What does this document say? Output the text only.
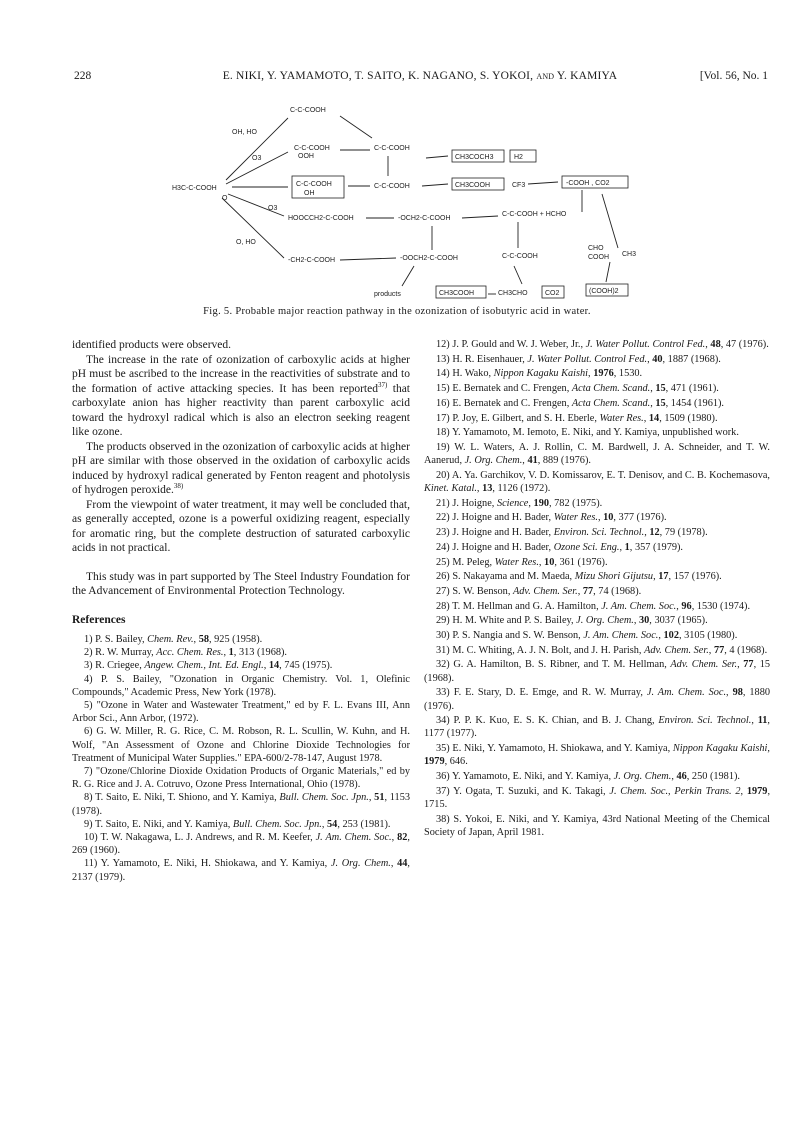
228	E. NIKI, Y. YAMAMOTO, T. SAITO, K. NAGANO, S. YOKOI, and Y. KAMIYA	[Vol. 56, No. 1
C-C-COOH
H3C-C-COOH
O
OH, HO
O3
O3
O, HO
C-C-COOH
OOH
C-C-COOH
OH
C-C-COOH
C-C-COOH
CH3COCH3	H2
CH3COOH	CF3	-COOH , CO2
HOOCCH2-C-COOH	-OCH2-C-COOH
C-C-COOH + HCHO
-CH2-C-COOH	-OOCH2-C-COOH	C-C-COOH
CHO
COOH CH3
products	CH3COOH	CH3CHO CO2	(COOH)2
Fig. 5. Probable major reaction pathway in the ozonization of isobutyric acid in water.

identified products were observed.

The increase in the rate of ozonization of carboxylic acids at higher pH must be ascribed to the increase in the reactivities of substrate and to the formation of active attacking species. It has been reported$^{37)}$ that carboxylate anion has higher reactivity than parent carboxylic acid toward the hydroxyl radical which is also an electron seeking reagent like ozone.

The products observed in the ozonization of carboxylic acids at higher pH are similar with those observed in the oxidation of carboxylic acids induced by hydroxyl radical generated by Fenton reagent and photolysis of hydrogen peroxide.$^{38)}$

From the viewpoint of water treatment, it may well be concluded that, as generally accepted, ozone is a powerful oxidizing reagent, especially for aromatic ring, but the complete destruction of saturated carboxylic acids in not practical.

This study was in part supported by The Steel Industry Foundation for the Advancement of Environmental Protection Technology.

References

1) P. S. Bailey, Chem. Rev., 58, 925 (1958).

2) R. W. Murray, Acc. Chem. Res., 1, 313 (1968).

3) R. Criegee, Angew. Chem., Int. Ed. Engl., 14, 745 (1975).

4) P. S. Bailey, "Ozonation in Organic Chemistry. Vol. 1, Olefinic Compounds," Academic Press, New York (1978).

5) "Ozone in Water and Wastewater Treatment," ed by F. L. Evans III, Ann Arbor Sci., Ann Arbor, (1972).

6) G. W. Miller, R. G. Rice, C. M. Robson, R. L. Scullin, W. Kuhn, and H. Wolf, "An Assessment of Ozone and Chlorine Dioxide Technologies for Treatment of Municipal Water Supplies." EPA-600/2-78-147, August 1978.

7) "Ozone/Chlorine Dioxide Oxidation Products of Organic Materials," ed by R. G. Rice and J. A. Cotruvo, Ozone Press International, Ohio (1978).

8) T. Saito, E. Niki, T. Shiono, and Y. Kamiya, Bull. Chem. Soc. Jpn., 51, 1153 (1978).

9) T. Saito, E. Niki, and Y. Kamiya, Bull. Chem. Soc. Jpn., 54, 253 (1981).

10) T. W. Nakagawa, L. J. Andrews, and R. M. Keefer, J. Am. Chem. Soc., 82, 269 (1960).

11) Y. Yamamoto, E. Niki, H. Shiokawa, and Y. Kamiya, J. Org. Chem., 44, 2137 (1979).

12) J. P. Gould and W. J. Weber, Jr., J. Water Pollut. Control Fed., 48, 47 (1976).

13) H. R. Eisenhauer, J. Water Pollut. Control Fed., 40, 1887 (1968).

14) H. Wako, Nippon Kagaku Kaishi, 1976, 1530.

15) E. Bernatek and C. Frengen, Acta Chem. Scand., 15, 471 (1961).

16) E. Bernatek and C. Frengen, Acta Chem. Scand., 15, 1454 (1961).

17) P. Joy, E. Gilbert, and S. H. Eberle, Water Res., 14, 1509 (1980).

18) Y. Yamamoto, M. Iemoto, E. Niki, and Y. Kamiya, unpublished work.

19) W. L. Waters, A. J. Rollin, C. M. Bardwell, J. A. Schneider, and T. W. Aanerud, J. Org. Chem., 41, 889 (1976).

20) A. Ya. Garchikov, V. D. Komissarov, E. T. Denisov, and C. B. Kochemasova, Kinet. Katal., 13, 1126 (1972).

21) J. Hoigne, Science, 190, 782 (1975).

22) J. Hoigne and H. Bader, Water Res., 10, 377 (1976).

23) J. Hoigne and H. Bader, Environ. Sci. Technol., 12, 79 (1978).

24) J. Hoigne and H. Bader, Ozone Sci. Eng., 1, 357 (1979).

25) M. Peleg, Water Res., 10, 361 (1976).

26) S. Nakayama and M. Maeda, Mizu Shori Gijutsu, 17, 157 (1976).

27) S. W. Benson, Adv. Chem. Ser., 77, 74 (1968).

28) T. M. Hellman and G. A. Hamilton, J. Am. Chem. Soc., 96, 1530 (1974).

29) H. M. White and P. S. Bailey, J. Org. Chem., 30, 3037 (1965).

30) P. S. Nangia and S. W. Benson, J. Am. Chem. Soc., 102, 3105 (1980).

31) M. C. Whiting, A. J. N. Bolt, and J. H. Parish, Adv. Chem. Ser., 77, 4 (1968).

32) G. A. Hamilton, B. S. Ribner, and T. M. Hellman, Adv. Chem. Ser., 77, 15 (1968).

33) F. E. Stary, D. E. Emge, and R. W. Murray, J. Am. Chem. Soc., 98, 1880 (1976).

34) P. P. K. Kuo, E. S. K. Chian, and B. J. Chang, Environ. Sci. Technol., 11, 1177 (1977).

35) E. Niki, Y. Yamamoto, H. Shiokawa, and Y. Kamiya, Nippon Kagaku Kaishi, 1979, 646.

36) Y. Yamamoto, E. Niki, and Y. Kamiya, J. Org. Chem., 46, 250 (1981).

37) Y. Ogata, T. Suzuki, and K. Takagi, J. Chem. Soc., Perkin Trans. 2, 1979, 1715.

38) S. Yokoi, E. Niki, and Y. Kamiya, 43rd National Meeting of the Chemical Society of Japan, April 1981.
